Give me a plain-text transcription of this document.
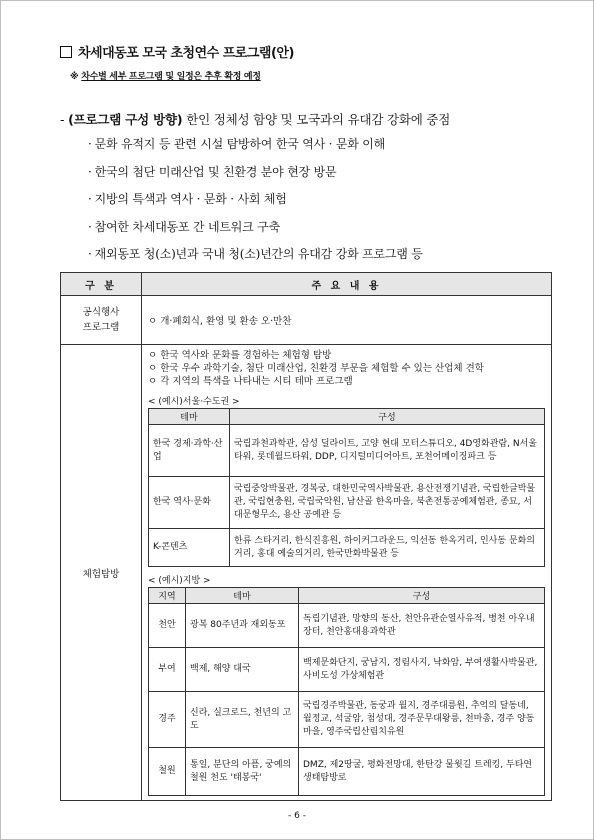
차세대동포 모국 초청연수 프로그램(안)
※ 차수별 세부 프로그램 및 일정은 추후 확정 예정
- (프로그램 구성 방향) 한인 정체성 함양 및 모국과의 유대감 강화에 중점
· 문화 유적지 등 관련 시설 탐방하여 한국 역사 · 문화 이해
· 한국의 첨단 미래산업 및 친환경 분야 현장 방문
· 지방의 특색과 역사 · 문화 · 사회 체험
· 참여한 차세대동포 간 네트워크 구축
· 재외동포 청(소)년과 국내 청(소)년간의 유대감 강화 프로그램 등
구 분	주 요 내 용
공식행사
프로그램	ㅇ 개·폐회식, 환영 및 환송 오·만찬
체험탐방	
ㅇ 한국 역사와 문화를 경험하는 체험형 탐방
ㅇ 한국 우수 과학기술, 첨단 미래산업, 친환경 부문을 체험할 수 있는 산업체 견학
ㅇ 각 지역의 특색을 나타내는 시티 테마 프로그램
< (예시)서울·수도권 >
테마	구성
한국 경제·과학·산업	국립과천과학관, 삼성 딜라이트, 고양 현대 모터스튜디오, 4D영화관람, N서울타워, 롯데월드타워, DDP, 디지털미디어아트, 포천어메이징파크 등
한국 역사·문화	국립중앙박물관, 경복궁, 대한민국역사박물관, 용산전쟁기념관, 국립한글박물관, 국립현충원, 국립국악원, 남산골 한옥마을, 북촌전통공예체험관, 종묘, 서대문형무소, 용산 공예관 등
K-콘텐츠	한류 스타거리, 한식진흥원, 하이커그라운드, 익선동 한옥거리, 인사동 문화의거리, 홍대 예술의거리, 한국만화박물관 등
< (예시)지방 >
지역	테마	구성
천안	광복 80주년과 재외동포	독립기념관, 망향의 동산, 천안유관순열사유적, 병천 아우내 장터, 천안홍대용과학관
부여	백제, 해양 대국	백제문화단지, 궁남지, 정림사지, 낙화암, 부여생활사박물관, 사비도성 가상체험관
경주	신라, 실크로드, 천년의 고도	국립경주박물관, 동궁과 월지, 경주대릉원, 추억의 달동네, 월정교, 석굴암, 첨성대, 경주문무대왕릉, 천마총, 경주 양동마을, 영주국립산림치유원
철원	통일, 분단의 아픔, 궁예의 철원 천도 '태봉국'	DMZ, 제2땅굴, 평화전망대, 한탄강 물윗길 트레킹, 두타연 생태탐방로
- 6 -
